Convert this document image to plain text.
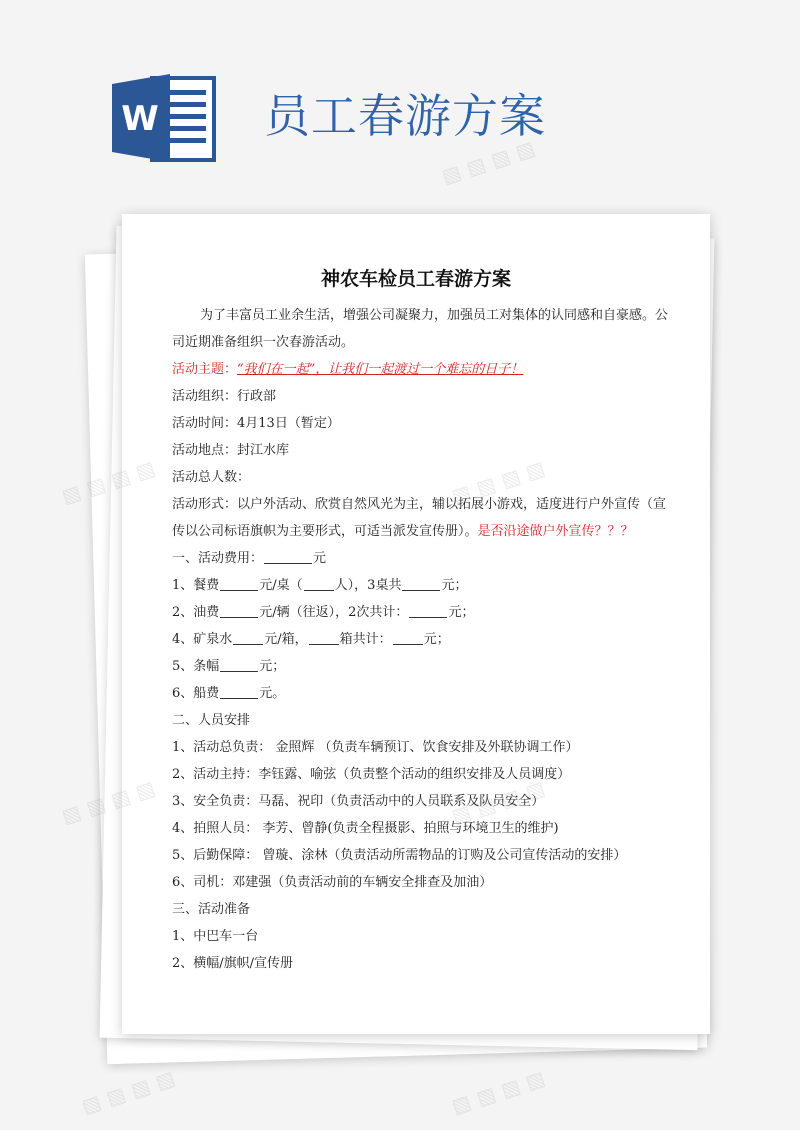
W 员工春游方案
神农车检员工春游方案
为了丰富员工业余生活，增强公司凝聚力，加强员工对集体的认同感和自豪感。公司近期准备组织一次春游活动。
活动主题：“我们在一起”，让我们一起渡过一个难忘的日子！
活动组织：行政部
活动时间：4月13日（暂定）
活动地点：封江水库
活动总人数：
活动形式：以户外活动、欣赏自然风光为主，辅以拓展小游戏，适度进行户外宣传（宣传以公司标语旗帜为主要形式，可适当派发宣传册）。是否沿途做户外宣传？？？
一、活动费用：	元
1、餐费	元/桌（ 人），3桌共	元；
2、油费	元/辆（往返），2次共计：	元；
4、矿泉水 元/箱， 箱共计： 元；
5、条幅	元；
6、船费	元。
二、人员安排
1、活动总负责： 金照辉 （负责车辆预订、饮食安排及外联协调工作）
2、活动主持：李钰露、喻弦（负责整个活动的组织安排及人员调度）
3、安全负责：马磊、祝印（负责活动中的人员联系及队员安全）
4、拍照人员： 李芳、曾静(负责全程摄影、拍照与环境卫生的维护)
5、后勤保障： 曾璇、涂林（负责活动所需物品的订购及公司宣传活动的安排）
6、司机：邓建强（负责活动前的车辆安全排查及加油）
三、活动准备
1、中巴车一台
2、横幅/旗帜/宣传册
▧ ▧ ▧ ▧
▧
▧ ▧
▧ ▧ ▧ ▧	▧ ▧ ▧ ▧
